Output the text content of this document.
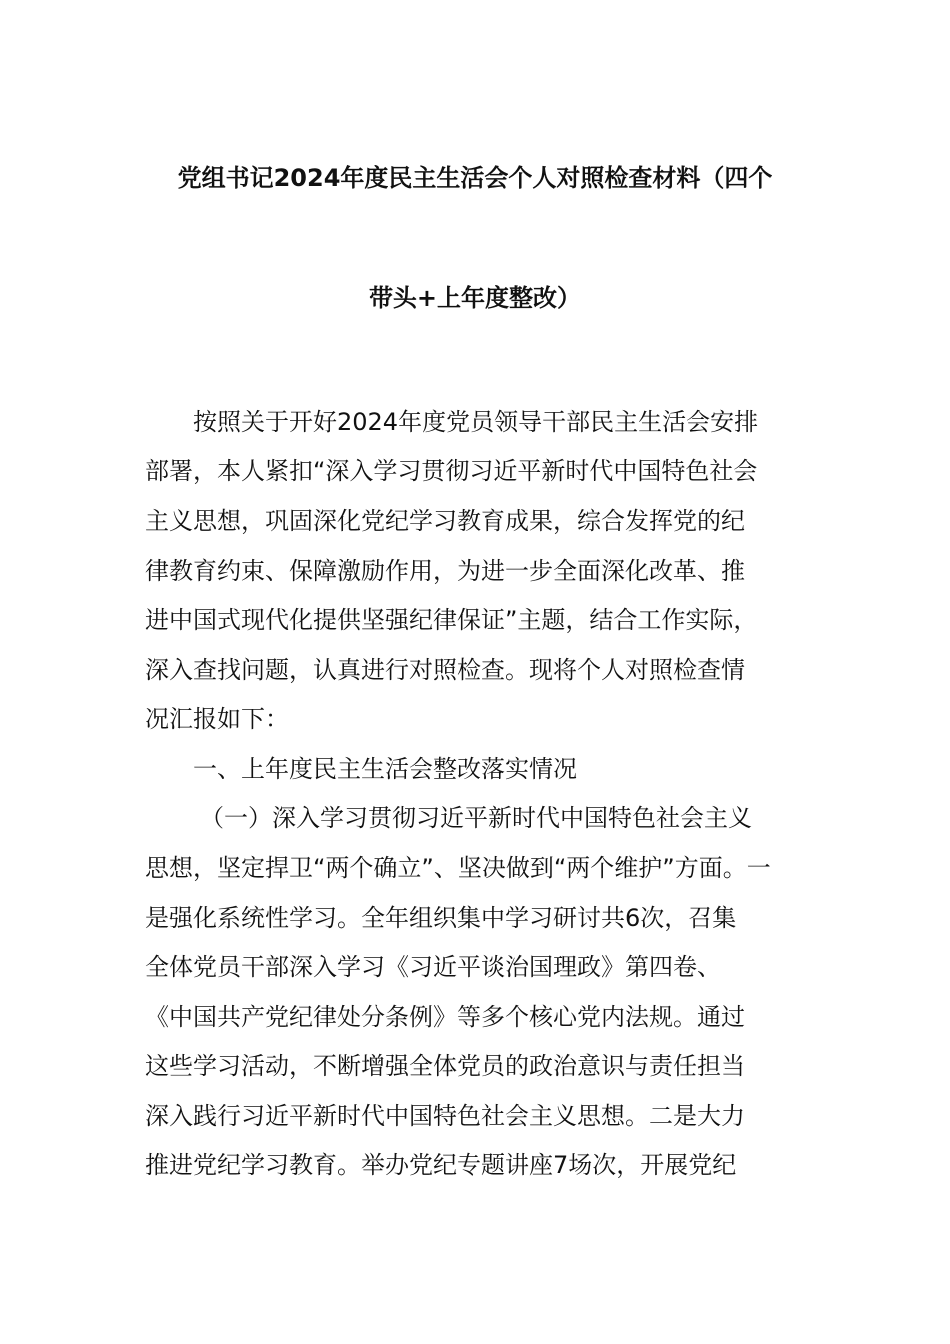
党组书记2024年度民主生活会个人对照检查材料（四个
带头+上年度整改）
按照关于开好2024年度党员领导干部民主生活会安排
部署，本人紧扣“深入学习贯彻习近平新时代中国特色社会
主义思想，巩固深化党纪学习教育成果，综合发挥党的纪
律教育约束、保障激励作用，为进一步全面深化改革、推
进中国式现代化提供坚强纪律保证”主题，结合工作实际，
深入查找问题，认真进行对照检查。现将个人对照检查情
况汇报如下：
一、上年度民主生活会整改落实情况
（一）深入学习贯彻习近平新时代中国特色社会主义
思想，坚定捍卫“两个确立”、坚决做到“两个维护”方面。一
是强化系统性学习。全年组织集中学习研讨共6次，召集
全体党员干部深入学习《习近平谈治国理政》第四卷、
《中国共产党纪律处分条例》等多个核心党内法规。通过
这些学习活动，不断增强全体党员的政治意识与责任担当
深入践行习近平新时代中国特色社会主义思想。二是大力
推进党纪学习教育。举办党纪专题讲座7场次，开展党纪
